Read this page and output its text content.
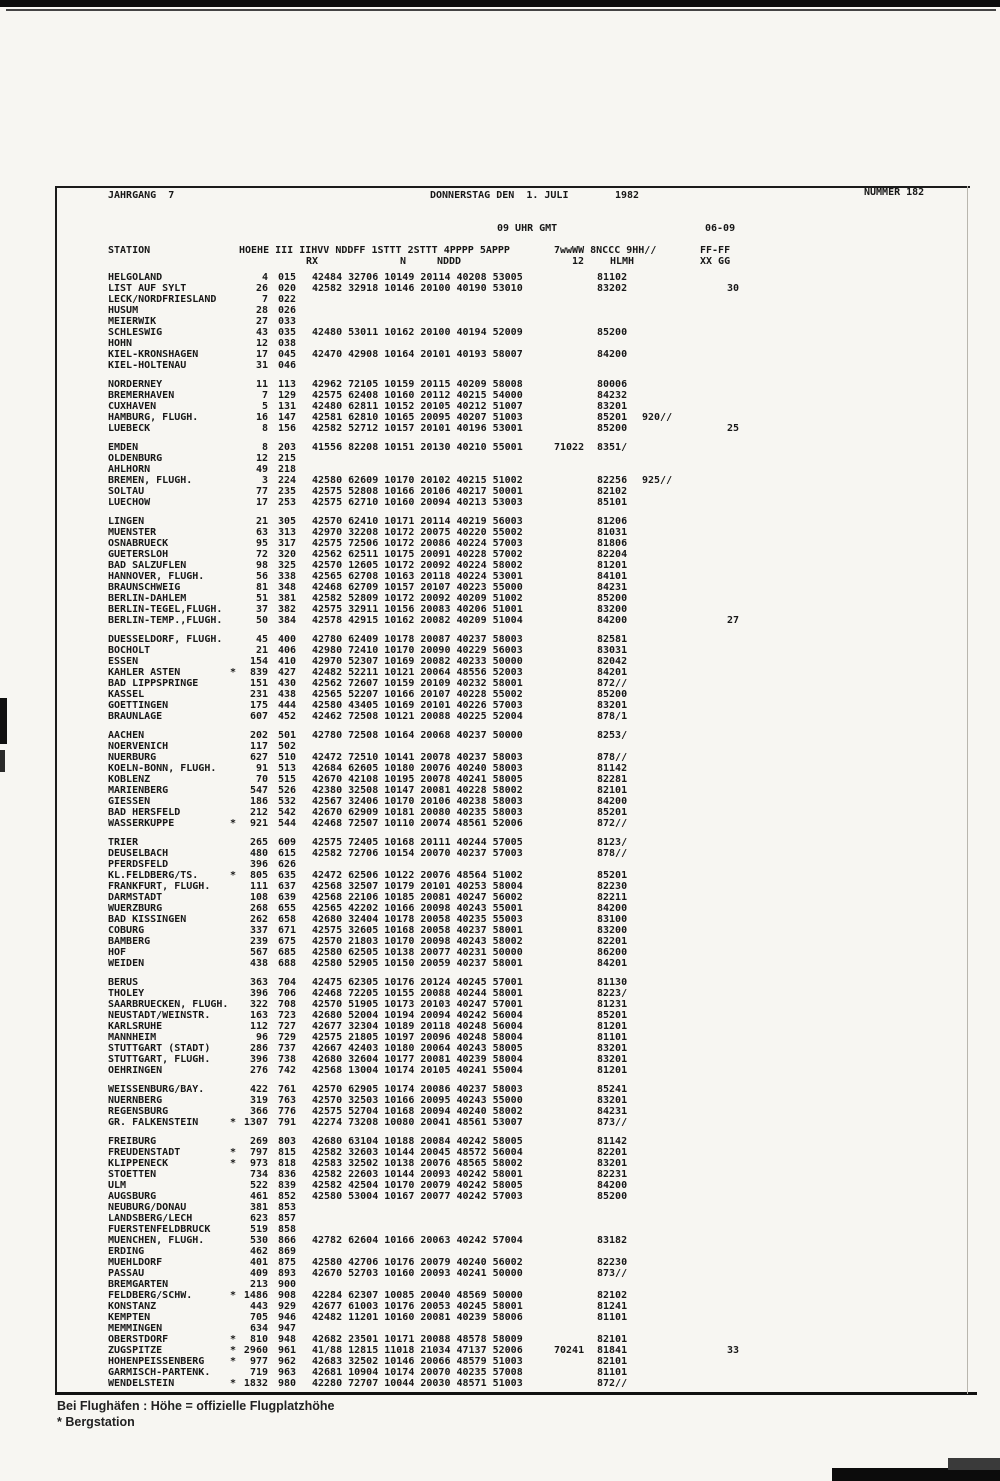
JAHRGANG  7	DONNERSTAG DEN  1. JULI	1982	NUMMER 182
09 UHR GMT	06-09
STATION	HOEHE III IIHVV NDDFF 1STTT 2STTT 4PPPP 5APPP	7wwWW 8NCCC 9HH//	FF-FF
RX	N	NDDD	12	HLMH	XX GG
HELGOLAND	4 015 42484 32706 10149 20114 40208 53005	81102
LIST AUF SYLT	26 020 42582 32918 10146 20100 40190 53010	83202	30
LECK/NORDFRIESLAND	7 022
HUSUM	28 026
MEIERWIK	27 033
SCHLESWIG	43 035 42480 53011 10162 20100 40194 52009	85200
HOHN	12 038
KIEL-KRONSHAGEN	17 045 42470 42908 10164 20101 40193 58007	84200
KIEL-HOLTENAU	31 046
NORDERNEY	11 113 42962 72105 10159 20115 40209 58008	80006
BREMERHAVEN	7 129 42575 62408 10160 20112 40215 54000	84232
CUXHAVEN	5 131 42480 62811 10152 20105 40212 51007	83201
HAMBURG, FLUGH.	16 147 42581 62810 10165 20095 40207 51003	85201 920//
LUEBECK	8 156 42582 52712 10157 20101 40196 53001	85200	25
EMDEN	8 203 41556 82208 10151 20130 40210 55001	71022 8351/
OLDENBURG	12 215
AHLHORN	49 218
BREMEN, FLUGH.	3 224 42580 62609 10170 20102 40215 51002	82256 925//
SOLTAU	77 235 42575 52808 10166 20106 40217 50001	82102
LUECHOW	17 253 42575 62710 10160 20094 40213 53003	85101
LINGEN	21 305 42570 62410 10171 20114 40219 56003	81206
MUENSTER	63 313 42970 32208 10172 20075 40220 55002	81031
OSNABRUECK	95 317 42575 72506 10172 20086 40224 57003	81806
GUETERSLOH	72 320 42562 62511 10175 20091 40228 57002	82204
BAD SALZUFLEN	98 325 42570 12605 10172 20092 40224 58002	81201
HANNOVER, FLUGH.	56 338 42565 62708 10163 20118 40224 53001	84101
BRAUNSCHWEIG	81 348 42468 62709 10157 20107 40223 55000	84231
BERLIN-DAHLEM	51 381 42582 52809 10172 20092 40209 51002	85200
BERLIN-TEGEL,FLUGH.	37 382 42575 32911 10156 20083 40206 51001	83200
BERLIN-TEMP.,FLUGH.	50 384 42578 42915 10162 20082 40209 51004	84200	27
DUESSELDORF, FLUGH.	45 400 42780 62409 10178 20087 40237 58003	82581
BOCHOLT	21 406 42980 72410 10170 20090 40229 56003	83031
ESSEN	154 410 42970 52307 10169 20082 40233 50000	82042
KAHLER ASTEN	*	839 427 42482 52211 10121 20064 48556 52003	84201
BAD LIPPSPRINGE	151 430 42562 72607 10159 20109 40232 58001	872//
KASSEL	231 438 42565 52207 10166 20107 40228 55002	85200
GOETTINGEN	175 444 42580 43405 10169 20101 40226 57003	83201
BRAUNLAGE	607 452 42462 72508 10121 20088 40225 52004	878/1
AACHEN	202 501 42780 72508 10164 20068 40237 50000	8253/
NOERVENICH	117 502
NUERBURG	627 510 42472 72510 10141 20078 40237 58003	878//
KOELN-BONN, FLUGH.	91 513 42684 62605 10180 20076 40240 58003	81142
KOBLENZ	70 515 42670 42108 10195 20078 40241 58005	82281
MARIENBERG	547 526 42380 32508 10147 20081 40228 58002	82101
GIESSEN	186 532 42567 32406 10170 20106 40238 58003	84200
BAD HERSFELD	212 542 42670 62909 10181 20080 40235 58003	85201
WASSERKUPPE	*	921 544 42468 72507 10110 20074 48561 52006	872//
TRIER	265 609 42575 72405 10168 20111 40244 57005	8123/
DEUSELBACH	480 615 42582 72706 10154 20070 40237 57003	878//
PFERDSFELD	396 626
KL.FELDBERG/TS.	*	805 635 42472 62506 10122 20076 48564 51002	85201
FRANKFURT, FLUGH.	111 637 42568 32507 10179 20101 40253 58004	82230
DARMSTADT	108 639 42568 22106 10185 20081 40247 56002	82211
WUERZBURG	268 655 42565 42202 10166 20098 40243 55001	84200
BAD KISSINGEN	262 658 42680 32404 10178 20058 40235 55003	83100
COBURG	337 671 42575 32605 10168 20058 40237 58001	83200
BAMBERG	239 675 42570 21803 10170 20098 40243 58002	82201
HOF	567 685 42580 62505 10138 20077 40231 50000	86200
WEIDEN	438 688 42580 52905 10150 20059 40237 58001	84201
BERUS	363 704 42475 62305 10176 20124 40245 57001	81130
THOLEY	396 706 42468 72205 10155 20088 40244 58001	8223/
SAARBRUECKEN, FLUGH.	322 708 42570 51905 10173 20103 40247 57001	81231
NEUSTADT/WEINSTR.	163 723 42680 52004 10194 20094 40242 56004	85201
KARLSRUHE	112 727 42677 32304 10189 20118 40248 56004	81201
MANNHEIM	96 729 42575 21805 10197 20096 40248 58004	81101
STUTTGART (STADT)	286 737 42667 42403 10180 20064 40243 58005	83201
STUTTGART, FLUGH.	396 738 42680 32604 10177 20081 40239 58004	83201
OEHRINGEN	276 742 42568 13004 10174 20105 40241 55004	81201
WEISSENBURG/BAY.	422 761 42570 62905 10174 20086 40237 58003	85241
NUERNBERG	319 763 42570 32503 10166 20095 40243 55000	83201
REGENSBURG	366 776 42575 52704 10168 20094 40240 58002	84231
GR. FALKENSTEIN	* 1307 791 42274 73208 10080 20041 48561 53007	873//
FREIBURG	269 803 42680 63104 10188 20084 40242 58005	81142
FREUDENSTADT	*	797 815 42582 32603 10144 20045 48572 56004	82201
KLIPPENECK	*	973 818 42583 32502 10138 20076 48565 58002	83201
STOETTEN	734 836 42582 22603 10144 20093 40242 58001	82231
ULM	522 839 42582 42504 10170 20079 40242 58005	84200
AUGSBURG	461 852 42580 53004 10167 20077 40242 57003	85200
NEUBURG/DONAU	381 853
LANDSBERG/LECH	623 857
FUERSTENFELDBRUCK	519 858
MUENCHEN, FLUGH.	530 866 42782 62604 10166 20063 40242 57004	83182
ERDING	462 869
MUEHLDORF	401 875 42580 42706 10176 20079 40240 56002	82230
PASSAU	409 893 42670 52703 10160 20093 40241 50000	873//
BREMGARTEN	213 900
FELDBERG/SCHW.	* 1486 908 42284 62307 10085 20040 48569 50000	82102
KONSTANZ	443 929 42677 61003 10176 20053 40245 58001	81241
KEMPTEN	705 946 42482 11201 10160 20081 40239 58006	81101
MEMMINGEN	634 947
OBERSTDORF	*	810 948 42682 23501 10171 20088 48578 58009	82101
ZUGSPITZE	* 2960 961 41/88 12815 11018 21034 47137 52006	70241 81841	33
HOHENPEISSENBERG	*	977 962 42683 32502 10146 20066 48579 51003	82101
GARMISCH-PARTENK.	719 963 42681 10904 10174 20070 40235 57008	81101
WENDELSTEIN	* 1832 980 42280 72707 10044 20030 48571 51003	872//
Bei Flughäfen : Höhe = offizielle Flugplatzhöhe
* Bergstation
